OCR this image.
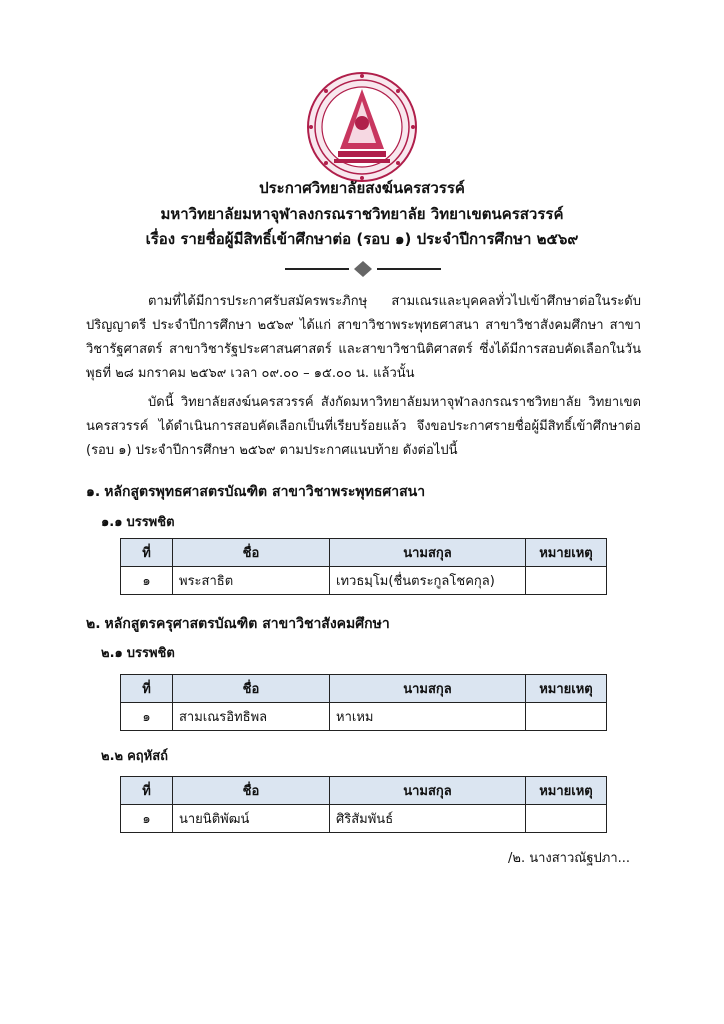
ประกาศวิทยาลัยสงฆ์นครสวรรค์
มหาวิทยาลัยมหาจุฬาลงกรณราชวิทยาลัย วิทยาเขตนครสวรรค์
เรื่อง รายชื่อผู้มีสิทธิ์เข้าศึกษาต่อ (รอบ ๑) ประจำปีการศึกษา ๒๕๖๙
ตามที่ได้มีการประกาศรับสมัครพระภิกษุ สามเณรและบุคคลทั่วไปเข้าศึกษาต่อในระดับปริญญาตรี ประจำปีการศึกษา ๒๕๖๙ ได้แก่ สาขาวิชาพระพุทธศาสนา สาขาวิชาสังคมศึกษา สาขาวิชารัฐศาสตร์ สาขาวิชารัฐประศาสนศาสตร์ และสาขาวิชานิติศาสตร์ ซึ่งได้มีการสอบคัดเลือกในวันพุธที่ ๒๘ มกราคม ๒๕๖๙ เวลา ๐๙.๐๐ – ๑๕.๐๐ น. แล้วนั้น
บัดนี้ วิทยาลัยสงฆ์นครสวรรค์ สังกัดมหาวิทยาลัยมหาจุฬาลงกรณราชวิทยาลัย วิทยาเขตนครสวรรค์ ได้ดำเนินการสอบคัดเลือกเป็นที่เรียบร้อยแล้ว จึงขอประกาศรายชื่อผู้มีสิทธิ์เข้าศึกษาต่อ (รอบ ๑) ประจำปีการศึกษา ๒๕๖๙ ตามประกาศแนบท้าย ดังต่อไปนี้
๑. หลักสูตรพุทธศาสตรบัณฑิต สาขาวิชาพระพุทธศาสนา
๑.๑ บรรพชิต
ที่	ชื่อ	นามสกุล	หมายเหตุ
๑	พระสาธิต	เทวธมฺโม(ชื่นตระกูลโชคกุล)	
๒. หลักสูตรครุศาสตรบัณฑิต สาขาวิชาสังคมศึกษา
๒.๑ บรรพชิต
ที่	ชื่อ	นามสกุล	หมายเหตุ
๑	สามเณรอิทธิพล	หาเหม	
๒.๒ คฤหัสถ์
ที่	ชื่อ	นามสกุล	หมายเหตุ
๑	นายนิติพัฒน์	ศิริสัมพันธ์	
/๒. นางสาวณัฐปภา...
